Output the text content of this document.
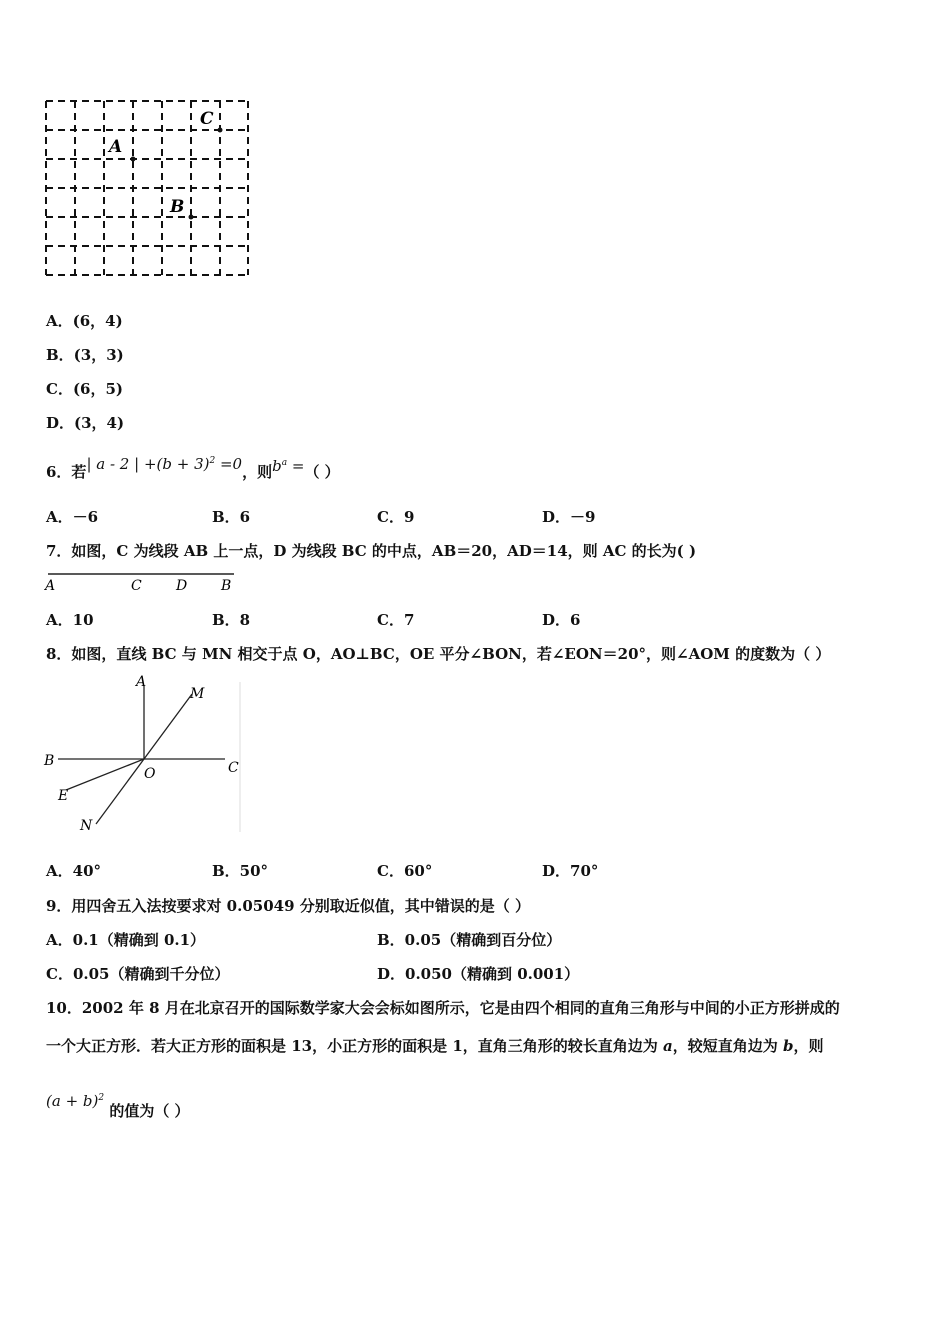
C
A
B
A．(6，4)
B．(3，3)
C．(6，5)
D．(3，4)
6．若| a - 2 | $+(b + 3)^2 =0$，则$b^a$ =（ ）
A．－6	B．6	C．9	D．－9
7．如图，C 为线段 AB 上一点，D 为线段 BC 的中点，AB＝20，AD＝14，则 AC 的长为( )
A	C D B
A．10	B．8	C．7	D．6
8．如图，直线 BC 与 MN 相交于点 O，AO⊥BC，OE 平分∠BON，若∠EON＝20°，则∠AOM 的度数为（ ）
A
M
B
O	C
E
N
A．40°	B．50°	C．60°	D．70°
9．用四舍五入法按要求对 0.05049 分别取近似值，其中错误的是（ ）
A．0.1（精确到 0.1）	B．0.05（精确到百分位）
C．0.05（精确到千分位）	D．0.050（精确到 0.001）
10．2002 年 8 月在北京召开的国际数学家大会会标如图所示，它是由四个相同的直角三角形与中间的小正方形拼成的
一个大正方形．若大正方形的面积是 13，小正方形的面积是 1，直角三角形的较长直角边为 a，较短直角边为 b，则
$(a + b)^2$ 的值为（ ）
